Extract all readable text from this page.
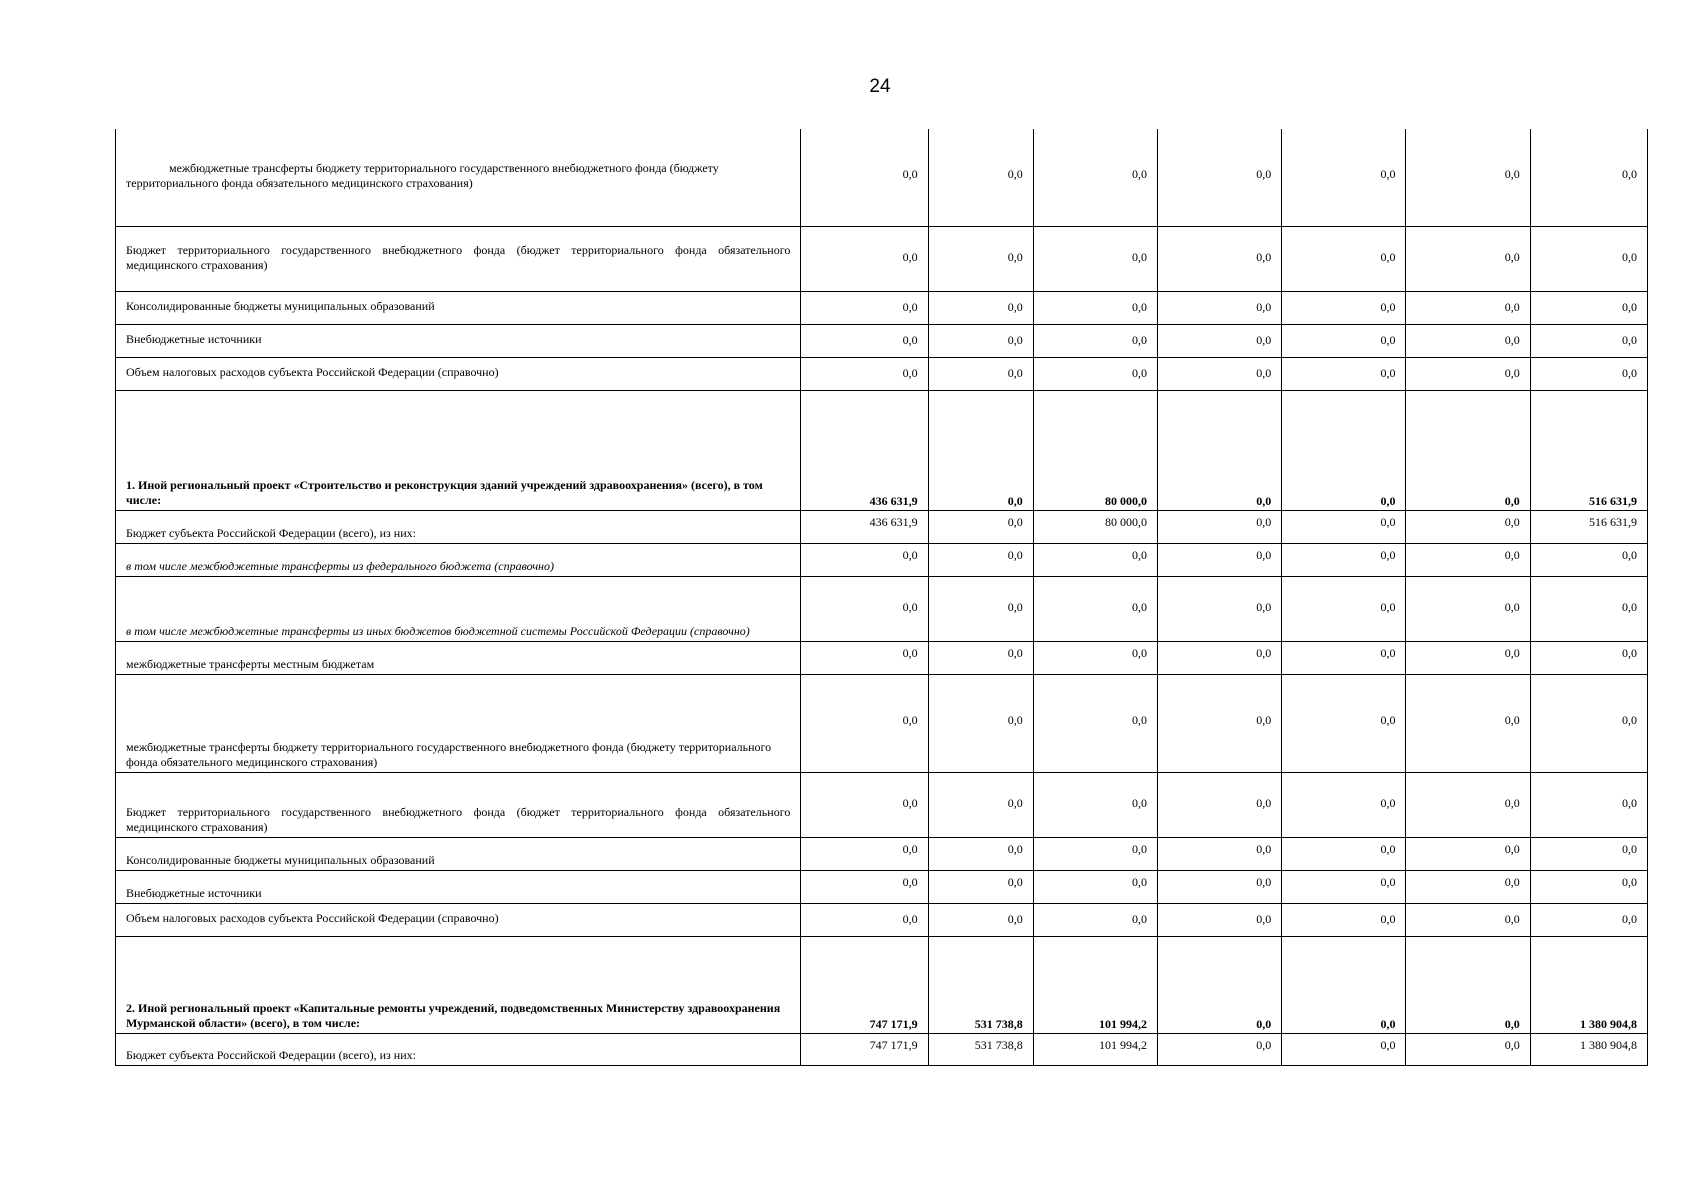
24
межбюджетные трансферты бюджету территориального государственного внебюджетного фонда (бюджету территориального фонда обязательного медицинского страхования)	0,0	0,0	0,0	0,0	0,0	0,0	0,0
Бюджет территориального государственного внебюджетного фонда (бюджет территориального фонда обязательного медицинского страхования)	0,0	0,0	0,0	0,0	0,0	0,0	0,0
Консолидированные бюджеты муниципальных образований	0,0	0,0	0,0	0,0	0,0	0,0	0,0
Внебюджетные источники	0,0	0,0	0,0	0,0	0,0	0,0	0,0
Объем налоговых расходов субъекта Российской Федерации (справочно)	0,0	0,0	0,0	0,0	0,0	0,0	0,0
1. Иной региональный проект «Строительство и реконструкция зданий учреждений здравоохранения» (всего), в том числе:	436 631,9	0,0	80 000,0	0,0	0,0	0,0	516 631,9
Бюджет субъекта Российской Федерации (всего), из них:	436 631,9	0,0	80 000,0	0,0	0,0	0,0	516 631,9
в том числе межбюджетные трансферты из федерального бюджета (справочно)	0,0	0,0	0,0	0,0	0,0	0,0	0,0
в том числе межбюджетные трансферты из иных бюджетов бюджетной системы Российской Федерации (справочно)	0,0	0,0	0,0	0,0	0,0	0,0	0,0
межбюджетные трансферты местным бюджетам	0,0	0,0	0,0	0,0	0,0	0,0	0,0
межбюджетные трансферты бюджету территориального государственного внебюджетного фонда (бюджету территориального фонда обязательного медицинского страхования)	0,0	0,0	0,0	0,0	0,0	0,0	0,0
Бюджет территориального государственного внебюджетного фонда (бюджет территориального фонда обязательного медицинского страхования)	0,0	0,0	0,0	0,0	0,0	0,0	0,0
Консолидированные бюджеты муниципальных образований	0,0	0,0	0,0	0,0	0,0	0,0	0,0
Внебюджетные источники	0,0	0,0	0,0	0,0	0,0	0,0	0,0
Объем налоговых расходов субъекта Российской Федерации (справочно)	0,0	0,0	0,0	0,0	0,0	0,0	0,0
2. Иной региональный проект «Капитальные ремонты учреждений, подведомственных Министерству здравоохранения Мурманской области» (всего), в том числе:	747 171,9	531 738,8	101 994,2	0,0	0,0	0,0	1 380 904,8
Бюджет субъекта Российской Федерации (всего), из них:	747 171,9	531 738,8	101 994,2	0,0	0,0	0,0	1 380 904,8
